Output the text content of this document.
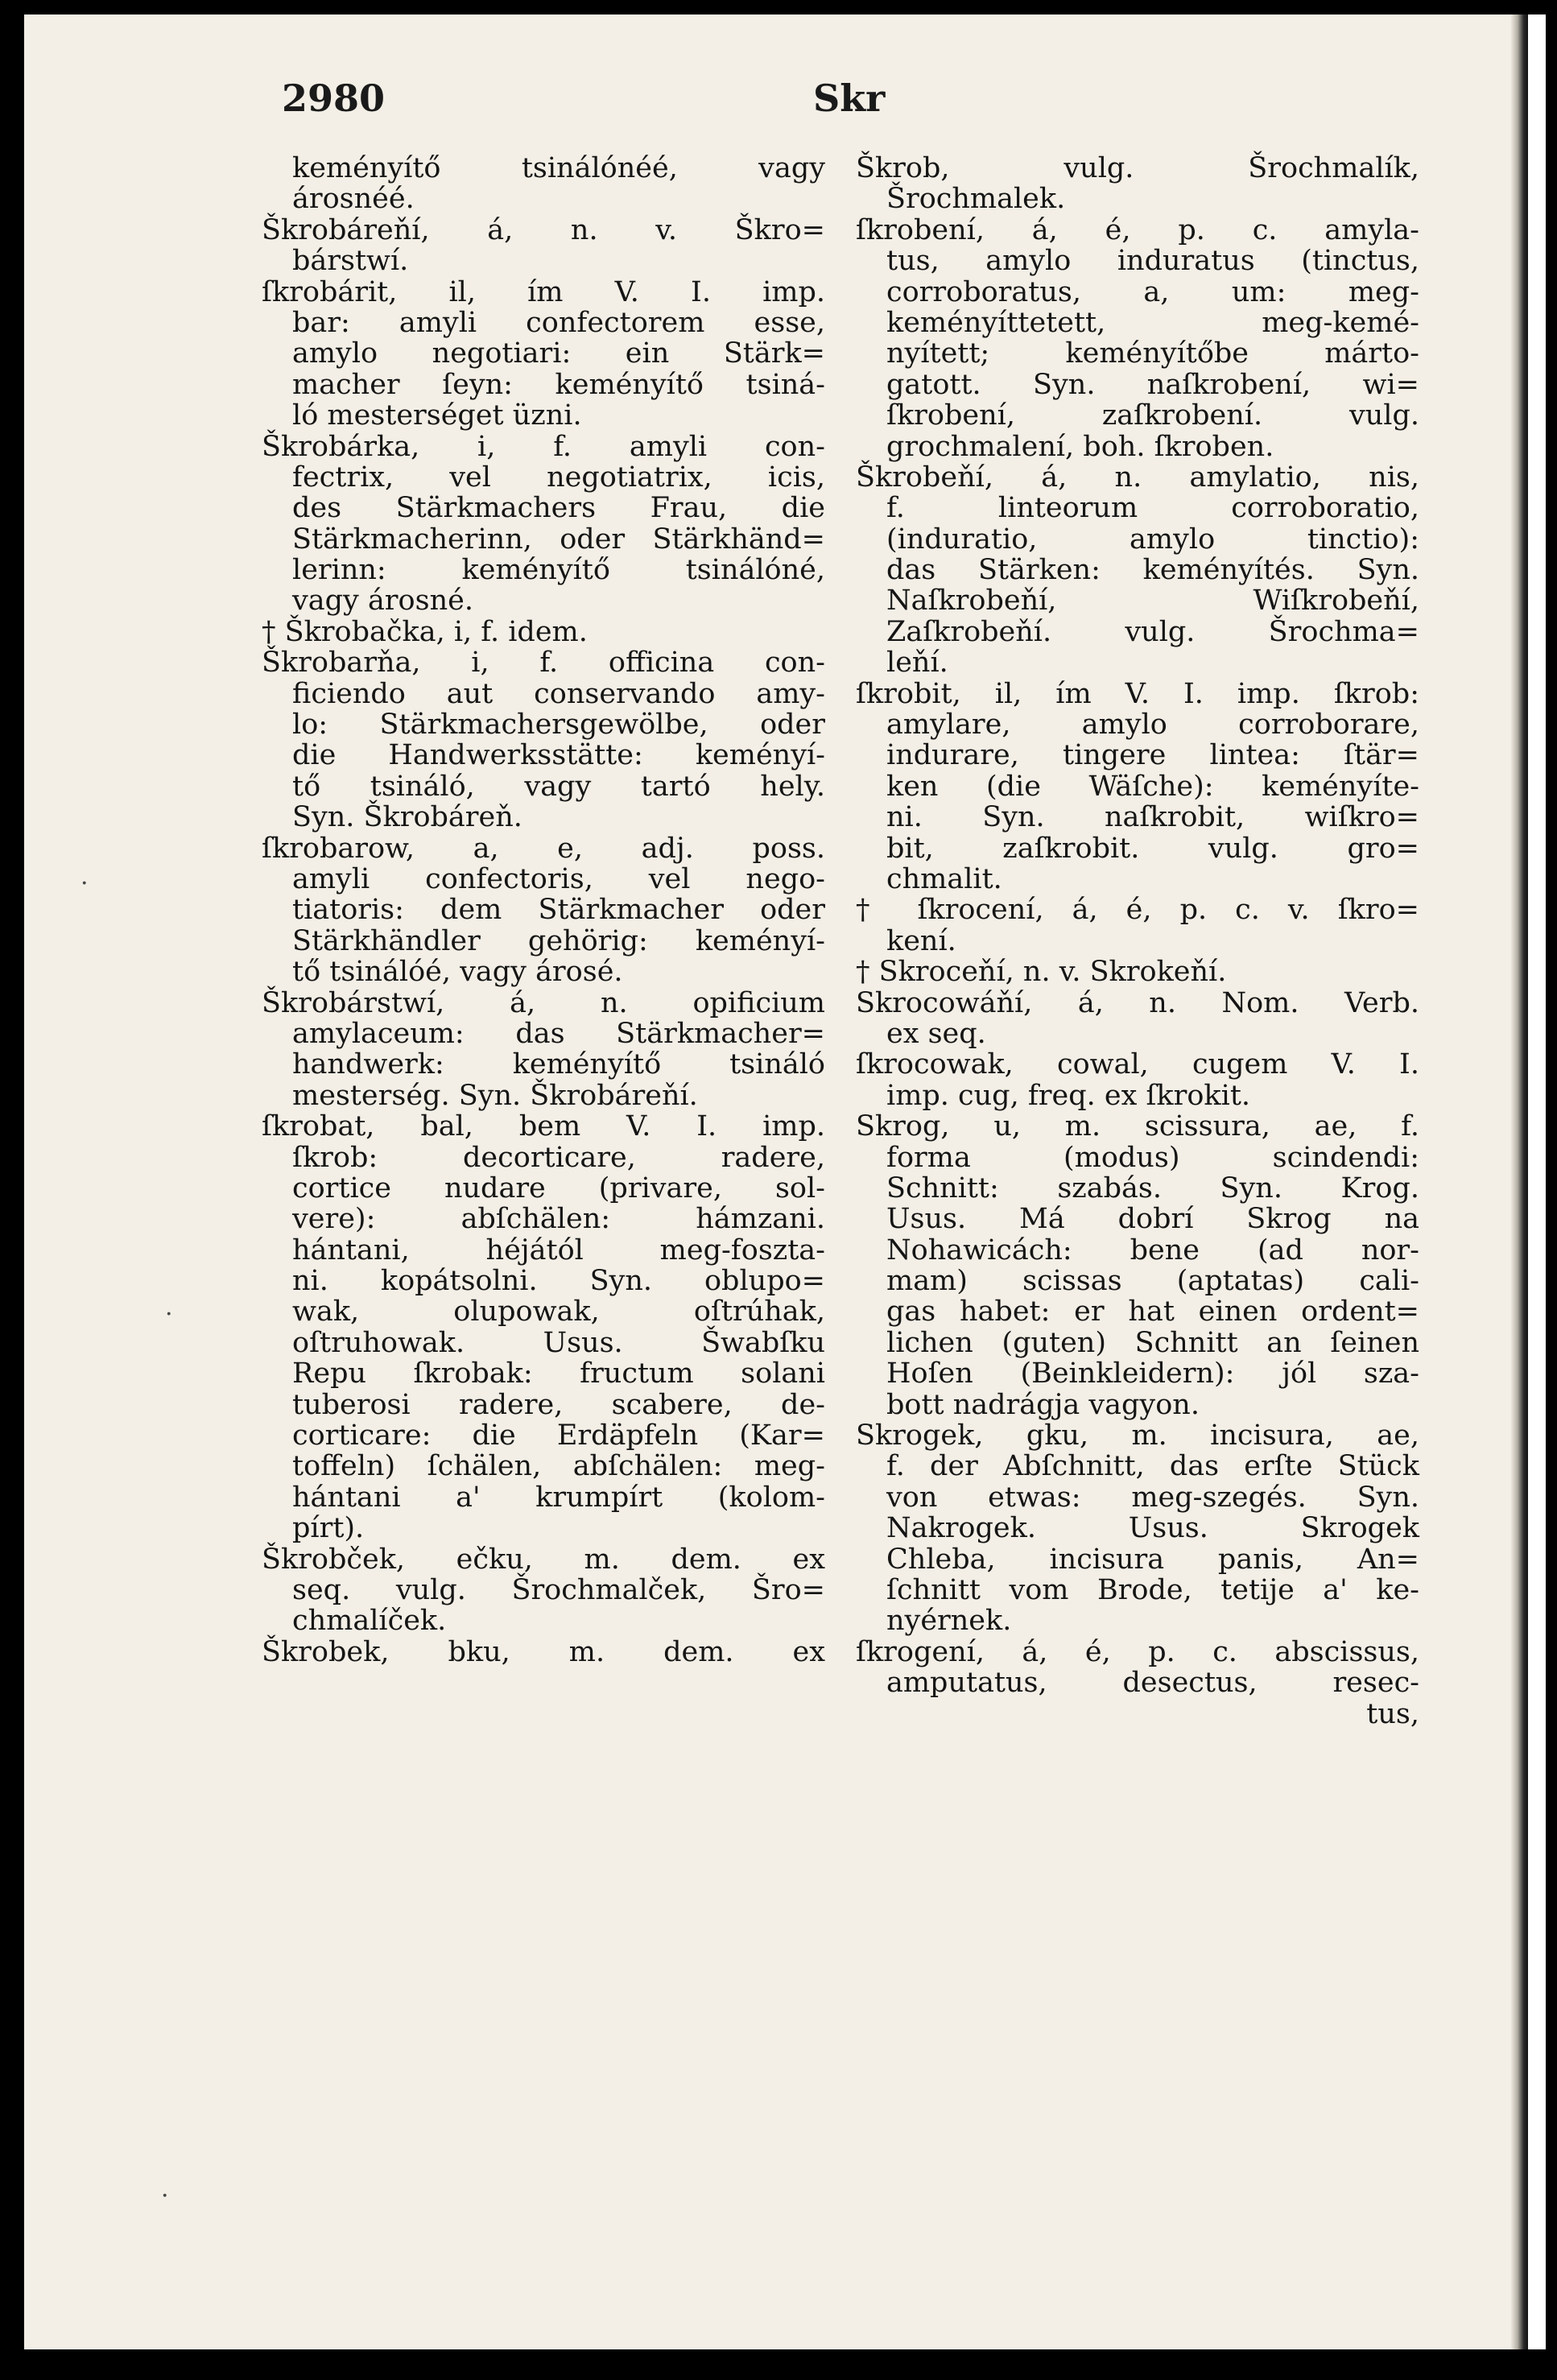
2980	Skr
keményítő tsinálónéé, vagy
árosnéé.
Škrobáreňí, á, n. v. Škro=
bárstwí.
ſkrobárit, il, ím V. I. imp.
bar: amyli confectorem esse,
amylo negotiari: ein Stärk=
macher ſeyn: keményítő tsiná-
ló mesterséget üzni.
Škrobárka, i, f. amyli con-
fectrix, vel negotiatrix, icis,
des Stärkmachers Frau, die
Stärkmacherinn, oder Stärkhänd=
lerinn: keményítő tsinálóné,
vagy árosné.
† Škrobačka, i, f. idem.
Škrobarňa, i, f. officina con-
ficiendo aut conservando amy-
lo: Stärkmachersgewölbe, oder
die Handwerksstätte: keményí-
tő tsináló, vagy tartó hely.
Syn. Škrobáreň.
ſkrobarow, a, e, adj. poss.
amyli confectoris, vel nego-
tiatoris: dem Stärkmacher oder
Stärkhändler gehörig: keményí-
tő tsinálóé, vagy árosé.
Škrobárstwí, á, n. opificium
amylaceum: das Stärkmacher=
handwerk: keményítő tsináló
mesterség. Syn. Škrobáreňí.
ſkrobat, bal, bem V. I. imp.
ſkrob: decorticare, radere,
cortice nudare (privare, sol-
vere): abſchälen: hámzani.
hántani, héjától meg-foszta-
ni. kopátsolni. Syn. oblupo=
wak, olupowak, oſtrúhak,
oſtruhowak. Usus. Šwabſku
Repu ſkrobak: fructum solani
tuberosi radere, scabere, de-
corticare: die Erdäpfeln (Kar=
toffeln) ſchälen, abſchälen: meg-
hántani a' krumpírt (kolom-
pírt).
Škrobček, ečku, m. dem. ex
seq. vulg. Šrochmalček, Šro=
chmalíček.
Škrobek, bku, m. dem. ex
Škrob, vulg. Šrochmalík,
Šrochmalek.
ſkrobení, á, é, p. c. amyla-
tus, amylo induratus (tinctus,
corroboratus, a, um: meg-
keményíttetett, meg-kemé-
nyített; keményítőbe márto-
gatott. Syn. naſkrobení, wi=
ſkrobení, zaſkrobení. vulg.
grochmalení, boh. ſkroben.
Škrobeňí, á, n. amylatio, nis,
f. linteorum corroboratio,
(induratio, amylo tinctio):
das Stärken: keményítés. Syn.
Naſkrobeňí, Wiſkrobeňí,
Zaſkrobeňí. vulg. Šrochma=
leňí.
ſkrobit, il, ím V. I. imp. ſkrob:
amylare, amylo corroborare,
indurare, tingere lintea: ſtär=
ken (die Wäſche): keményíte-
ni. Syn. naſkrobit, wiſkro=
bit, zaſkrobit. vulg. gro=
chmalit.
† ſkrocení, á, é, p. c. v. ſkro=
kení.
† Skroceňí, n. v. Skrokeňí.
Skrocowáňí, á, n. Nom. Verb.
ex seq.
ſkrocowak, cowal, cugem V. I.
imp. cug, freq. ex ſkrokit.
Skrog, u, m. scissura, ae, f.
forma (modus) scindendi:
Schnitt: szabás. Syn. Krog.
Usus. Má dobrí Skrog na
Nohawicách: bene (ad nor-
mam) scissas (aptatas) cali-
gas habet: er hat einen ordent=
lichen (guten) Schnitt an ſeinen
Hoſen (Beinkleidern): jól sza-
bott nadrágja vagyon.
Skrogek, gku, m. incisura, ae,
f. der Abſchnitt, das erſte Stück
von etwas: meg-szegés. Syn.
Nakrogek. Usus. Skrogek
Chleba, incisura panis, An=
ſchnitt vom Brode, tetije a' ke-
nyérnek.
ſkrogení, á, é, p. c. abscissus,
amputatus, desectus, resec-
tus,
·
·
·
